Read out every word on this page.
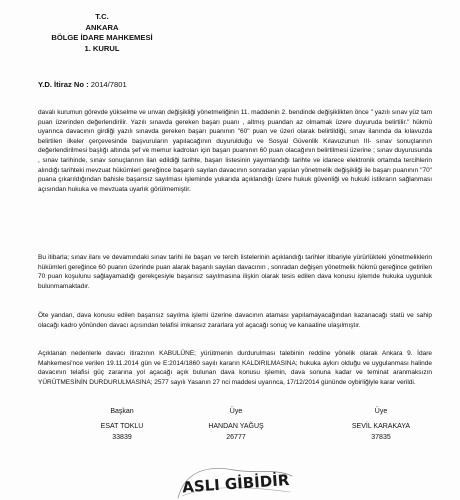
T.C.
ANKARA
BÖLGE İDARE MAHKEMESİ
1. KURUL
Y.D. İtiraz No : 2014/7801

davalı kurumun görevde yükselme ve unvan değişikliği yönetmeliğinin 11. maddenin 2. bendinde değişiklikten önce " yazılı sınav yüz tam puan üzerinden değerlendirilir. Yazılı sınavda gereken başarı puanı , altmış puandan az olmamak üzere duyuruda belirtilir." hükmü uyarınca davacının girdiği yazılı sınavda gereken başarı puanının "60" puan ve üzeri olarak belirtildiği, sınav ilanında da kılavuzda belirtilen ilkeler çerçevesinde başvuruların yapılacağının duyurulduğu ve Sosyal Güvenlik Kılavuzunun III- sınav sonuçlarının değerlendirilmesi başlığı altında şef ve memur kadroları için başarı puanının 60 puan olacağının belirtilmesi üzerine ; sınav duyurusunda , sınav tarihinde, sınav sonuçlarının ilan edildiği tarihte, başarı listesinin yayımlandığı tarihte ve idarece elektronik ortamda tercihlerin alındığı tarihteki mevzuat hükümleri gereğince başarılı sayılan davacının sonradan yapılan yönetmelik değişikliği ile başarı puanının "70" puana çıkarıldığından bahisle başarısız sayılması işleminde yukarıda açıklandığı üzere hukuk güvenliği ve hukuki istikrarın sağlanması açısından hukuka ve mevzuata uyarlık görülmemiştir.

Bu itibarla; sınav ilanı ve devamındaki sınav tarihi ile başarı ve tercih listelerinin açıklandığı tarihler itibariyle yürürlükteki yönetmeliklerin hükümleri gereğince 60 puanın üzerinde puan alarak başarılı sayılan davacının , sonradan değişen yönetmelik hükmü gereğince getirilen 70 puan koşulunu sağlayamadığı gerekçesiyle başarısız sayılmasına ilişkin olarak tesis edilen dava konusu işlemde hukuka uygunluk bulunmamaktadır.

Öte yandan, dava konusu edilen başarısız sayılma işlemi üzerine davacının ataması yapılamayacağından kazanacağı statü ve sahip olacağı kadro yönünden davacı açısından telafisi imkansız zararlara yol açacağı sonuç ve kanaatine ulaşılmıştır.

Açıklanan nedenlerle davacı itirazının KABULÜNE; yürütmenin durdurulması talebinin reddine yönelik olarak Ankara 9. İdare Mahkemesi'nce verilen 19.11.2014 gün ve E:2014/1860 sayılı kararın KALDIRILMASINA; hukuka aykırı olduğu ve uygulanması halinde davacının telafisi güç zararına yol açacağı açık bulunan dava konusu işlemin, dava sonuna kadar ve teminat aranmaksızın YÜRÜTMESİNİN DURDURULMASINA; 2577 sayılı Yasanın 27 nci maddesi uyarınca, 17/12/2014 gününde oybirliğiyle karar verildi.

Başkan
ESAT TOKLU
33839
Üye
HANDAN YAĞUŞ
26777
Üye
SEVİL KARAKAYA
37835
ASLI GİBİDİR
